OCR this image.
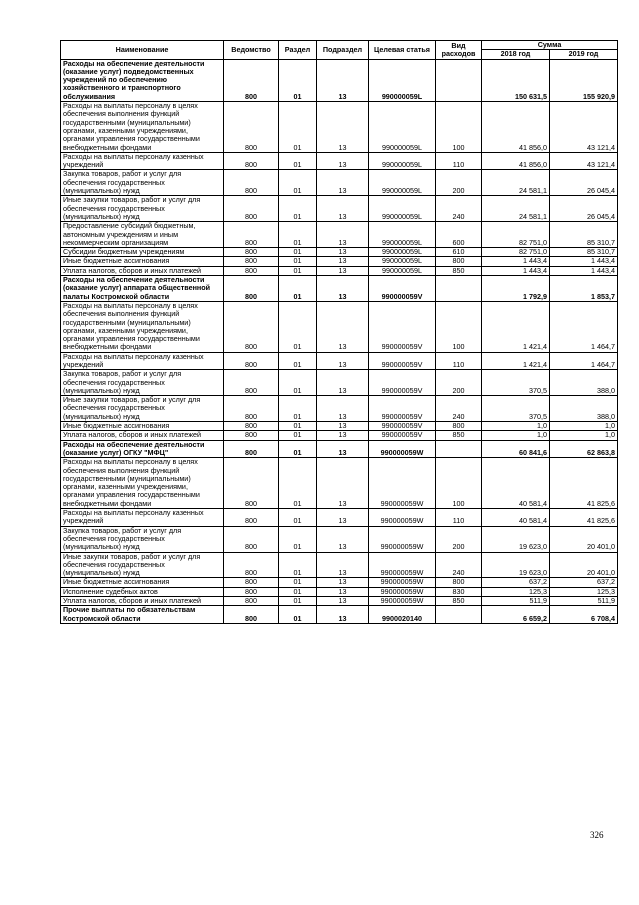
Наименование	Ведомство	Раздел	Подраздел	Целевая статья	Вид расходов	Сумма	
						2018 год	2019 год
Расходы на обеспечение деятельности (оказание услуг) подведомственных учреждений по обеспечению хозяйственного и транспортного обслуживания	800	01	13	990000059L		150 631,5	155 920,9
Расходы на выплаты персоналу в целях обеспечения выполнения функций государственными (муниципальными) органами, казенными учреждениями, органами управления государственными внебюджетными фондами	800	01	13	990000059L	100	41 856,0	43 121,4
Расходы на выплаты персоналу казенных учреждений	800	01	13	990000059L	110	41 856,0	43 121,4
Закупка товаров, работ и услуг для обеспечения государственных (муниципальных) нужд	800	01	13	990000059L	200	24 581,1	26 045,4
Иные закупки товаров, работ и услуг для обеспечения государственных (муниципальных) нужд	800	01	13	990000059L	240	24 581,1	26 045,4
Предоставление субсидий бюджетным, автономным учреждениям и иным некоммерческим организациям	800	01	13	990000059L	600	82 751,0	85 310,7
Субсидии бюджетным учреждениям	800	01	13	990000059L	610	82 751,0	85 310,7
Иные бюджетные ассигнования	800	01	13	990000059L	800	1 443,4	1 443,4
Уплата налогов, сборов и иных платежей	800	01	13	990000059L	850	1 443,4	1 443,4
Расходы на обеспечение деятельности (оказание услуг) аппарата общественной палаты Костромской области	800	01	13	990000059V		1 792,9	1 853,7
Расходы на выплаты персоналу в целях обеспечения выполнения функций государственными (муниципальными) органами, казенными учреждениями, органами управления государственными внебюджетными фондами	800	01	13	990000059V	100	1 421,4	1 464,7
Расходы на выплаты персоналу казенных учреждений	800	01	13	990000059V	110	1 421,4	1 464,7
Закупка товаров, работ и услуг для обеспечения государственных (муниципальных) нужд	800	01	13	990000059V	200	370,5	388,0
Иные закупки товаров, работ и услуг для обеспечения государственных (муниципальных) нужд	800	01	13	990000059V	240	370,5	388,0
Иные бюджетные ассигнования	800	01	13	990000059V	800	1,0	1,0
Уплата налогов, сборов и иных платежей	800	01	13	990000059V	850	1,0	1,0
Расходы на обеспечение деятельности (оказание услуг) ОГКУ "МФЦ"	800	01	13	990000059W		60 841,6	62 863,8
Расходы на выплаты персоналу в целях обеспечения выполнения функций государственными (муниципальными) органами, казенными учреждениями, органами управления государственными внебюджетными фондами	800	01	13	990000059W	100	40 581,4	41 825,6
Расходы на выплаты персоналу казенных учреждений	800	01	13	990000059W	110	40 581,4	41 825,6
Закупка товаров, работ и услуг для обеспечения государственных (муниципальных) нужд	800	01	13	990000059W	200	19 623,0	20 401,0
Иные закупки товаров, работ и услуг для обеспечения государственных (муниципальных) нужд	800	01	13	990000059W	240	19 623,0	20 401,0
Иные бюджетные ассигнования	800	01	13	990000059W	800	637,2	637,2
Исполнение судебных актов	800	01	13	990000059W	830	125,3	125,3
Уплата налогов, сборов и иных платежей	800	01	13	990000059W	850	511,9	511,9
Прочие выплаты по обязательствам Костромской области	800	01	13	9900020140		6 659,2	6 708,4
326
